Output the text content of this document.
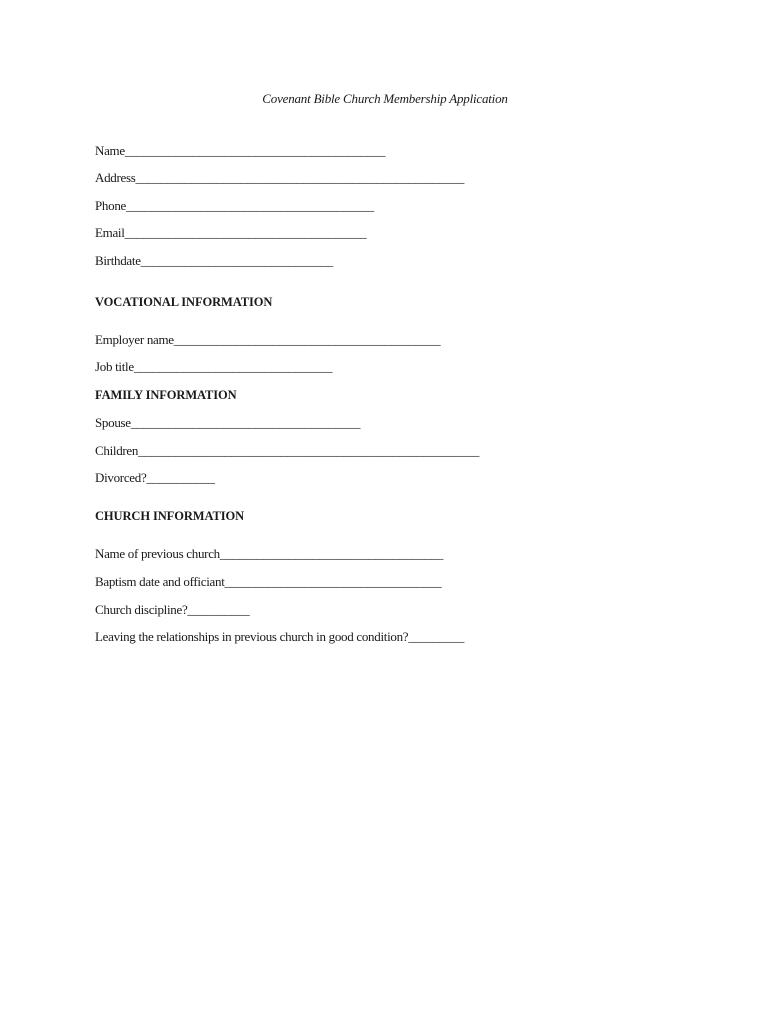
Covenant Bible Church Membership Application
Name__________________________________________
Address_____________________________________________________
Phone________________________________________
Email_______________________________________
Birthdate_______________________________
VOCATIONAL INFORMATION
Employer name___________________________________________
Job title________________________________
FAMILY INFORMATION
Spouse_____________________________________
Children_______________________________________________________
Divorced?___________
CHURCH INFORMATION
Name of previous church____________________________________
Baptism date and officiant___________________________________
Church discipline?__________
Leaving the relationships in previous church in good condition?_________
